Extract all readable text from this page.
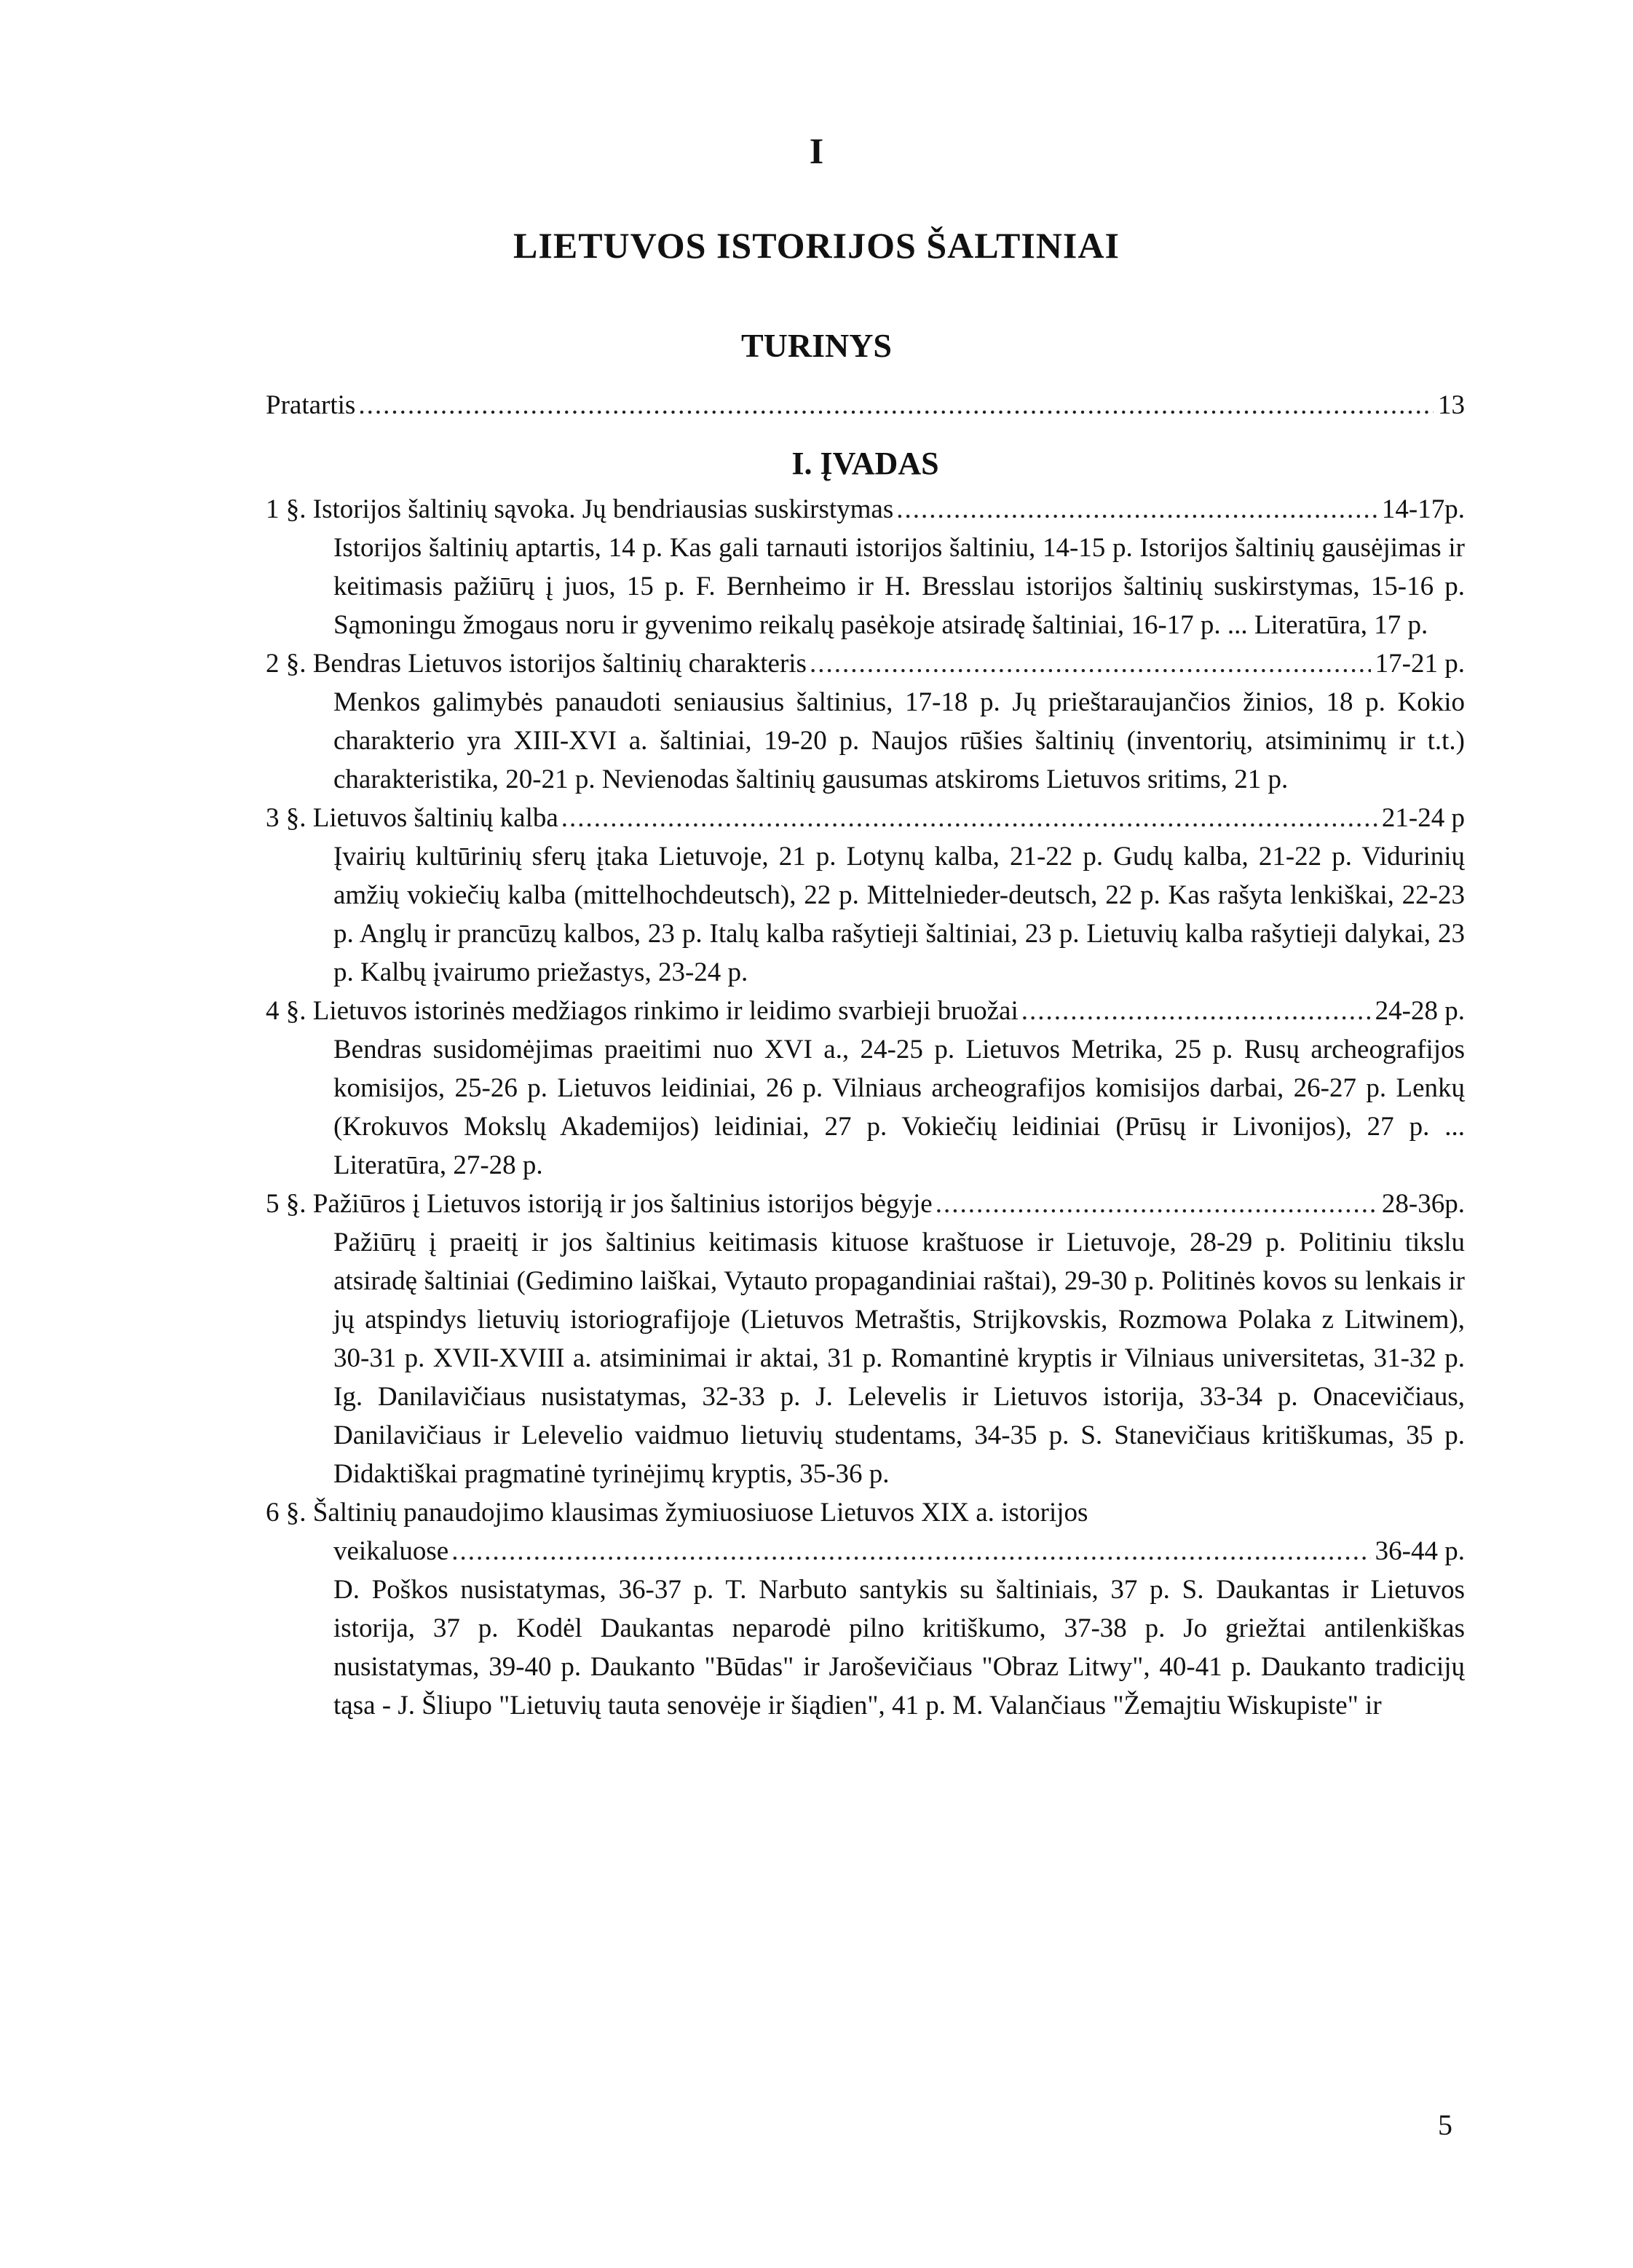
I
LIETUVOS ISTORIJOS ŠALTINIAI
TURINYS
Pratartis .....	13
I. ĮVADAS
1 §. Istorijos šaltinių sąvoka. Jų bendriausias suskirstymas .....	14-17p.
Istorijos šaltinių aptartis, 14 p. Kas gali tarnauti istorijos šaltiniu, 14-15 p. Istorijos šaltinių gausėjimas ir keitimasis pažiūrų į juos, 15 p. F. Bernheimo ir H. Bresslau istorijos šaltinių suskirstymas, 15-16 p. Sąmoningu žmogaus noru ir gyvenimo reikalų pasėkoje atsiradę šaltiniai, 16-17 p. ... Literatūra, 17 p.
2 §. Bendras Lietuvos istorijos šaltinių charakteris .....	17-21 p.
Menkos galimybės panaudoti seniausius šaltinius, 17-18 p. Jų prieštaraujančios žinios, 18 p. Kokio charakterio yra XIII-XVI a. šaltiniai, 19-20 p. Naujos rūšies šaltinių (inventorių, atsiminimų ir t.t.) charakteristika, 20-21 p. Nevienodas šaltinių gausumas atskiroms Lietuvos sritims, 21 p.
3 §. Lietuvos šaltinių kalba .....	21-24 p
Įvairių kultūrinių sferų įtaka Lietuvoje, 21 p. Lotynų kalba, 21-22 p. Gudų kalba, 21-22 p. Vidurinių amžių vokiečių kalba (mittelhochdeutsch), 22 p. Mittelnieder-deutsch, 22 p. Kas rašyta lenkiškai, 22-23 p. Anglų ir prancūzų kalbos, 23 p. Italų kalba rašytieji šaltiniai, 23 p. Lietuvių kalba rašytieji dalykai, 23 p. Kalbų įvairumo priežastys, 23-24 p.
4 §. Lietuvos istorinės medžiagos rinkimo ir leidimo svarbieji bruožai .....	24-28 p.
Bendras susidomėjimas praeitimi nuo XVI a., 24-25 p. Lietuvos Metrika, 25 p. Rusų archeografijos komisijos, 25-26 p. Lietuvos leidiniai, 26 p. Vilniaus archeografijos komisijos darbai, 26-27 p. Lenkų (Krokuvos Mokslų Akademijos) leidiniai, 27 p. Vokiečių leidiniai (Prūsų ir Livonijos), 27 p. ... Literatūra, 27-28 p.
5 §. Pažiūros į Lietuvos istoriją ir jos šaltinius istorijos bėgyje .....	28-36p.
Pažiūrų į praeitį ir jos šaltinius keitimasis kituose kraštuose ir Lietuvoje, 28-29 p. Politiniu tikslu atsiradę šaltiniai (Gedimino laiškai, Vytauto propagandiniai raštai), 29-30 p. Politinės kovos su lenkais ir jų atspindys lietuvių istoriografijoje (Lietuvos Metraštis, Strijkovskis, Rozmowa Polaka z Litwinem), 30-31 p. XVII-XVIII a. atsiminimai ir aktai, 31 p. Romantinė kryptis ir Vilniaus universitetas, 31-32 p. Ig. Danilavičiaus nusistatymas, 32-33 p. J. Lelevelis ir Lietuvos istorija, 33-34 p. Onacevičiaus, Danilavičiaus ir Lelevelio vaidmuo lietuvių studentams, 34-35 p. S. Stanevičiaus kritiškumas, 35 p. Didaktiškai pragmatinė tyrinėjimų kryptis, 35-36 p.
6 §. Šaltinių panaudojimo klausimas žymiuosiuose Lietuvos XIX a. istorijos
veikaluose .....	36-44 p.
D. Poškos nusistatymas, 36-37 p. T. Narbuto santykis su šaltiniais, 37 p. S. Daukantas ir Lietuvos istorija, 37 p. Kodėl Daukantas neparodė pilno kritiškumo, 37-38 p. Jo griežtai antilenkiškas nusistatymas, 39-40 p. Daukanto "Būdas" ir Jaroševičiaus "Obraz Litwy", 40-41 p. Daukanto tradicijų tąsa - J. Šliupo "Lietuvių tauta senovėje ir šiądien", 41 p. M. Valančiaus "Žemajtiu Wiskupiste" ir
5
